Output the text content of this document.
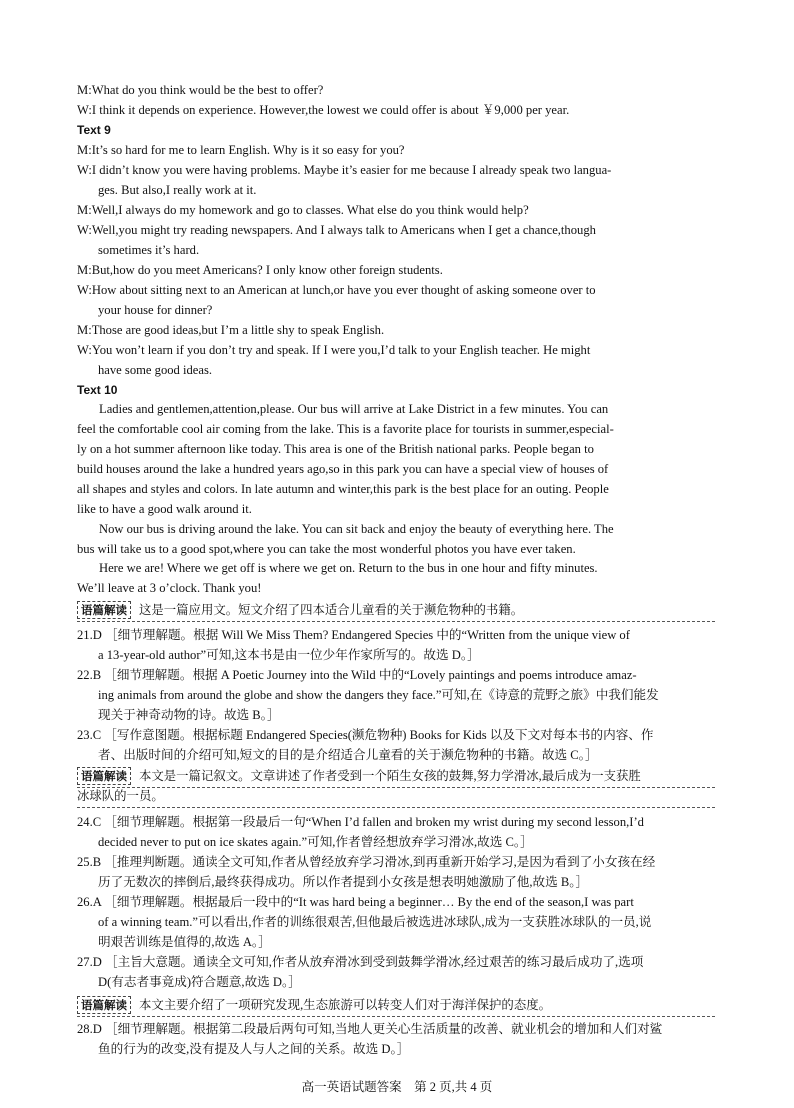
M:What do you think would be the best to offer?
W:I think it depends on experience. However,the lowest we could offer is about ￥9,000 per year.
Text 9
M:It’s so hard for me to learn English. Why is it so easy for you?
W:I didn’t know you were having problems. Maybe it’s easier for me because I already speak two langua-
ges. But also,I really work at it.
M:Well,I always do my homework and go to classes. What else do you think would help?
W:Well,you might try reading newspapers. And I always talk to Americans when I get a chance,though
sometimes it’s hard.
M:But,how do you meet Americans? I only know other foreign students.
W:How about sitting next to an American at lunch,or have you ever thought of asking someone over to
your house for dinner?
M:Those are good ideas,but I’m a little shy to speak English.
W:You won’t learn if you don’t try and speak. If I were you,I’d talk to your English teacher. He might
have some good ideas.
Text 10
Ladies and gentlemen,attention,please. Our bus will arrive at Lake District in a few minutes. You can
feel the comfortable cool air coming from the lake. This is a favorite place for tourists in summer,especial-
ly on a hot summer afternoon like today. This area is one of the British national parks. People began to
build houses around the lake a hundred years ago,so in this park you can have a special view of houses of
all shapes and styles and colors. In late autumn and winter,this park is the best place for an outing. People
like to have a good walk around it.
Now our bus is driving around the lake. You can sit back and enjoy the beauty of everything here. The
bus will take us to a good spot,where you can take the most wonderful photos you have ever taken.
Here we are! Where we get off is where we get on. Return to the bus in one hour and fifty minutes.
We’ll leave at 3 o’clock. Thank you!
21.D ［细节理解题。根据 Will We Miss Them? Endangered Species 中的“Written from the unique view of
a 13-year-old author”可知,这本书是由一位少年作家所写的。故选 D。］
22.B ［细节理解题。根据 A Poetic Journey into the Wild 中的“Lovely paintings and poems introduce amaz-
ing animals from around the globe and show the dangers they face.”可知,在《诗意的荒野之旅》中我们能发
现关于神奇动物的诗。故选 B。］
23.C ［写作意图题。根据标题 Endangered Species(濒危物种) Books for Kids 以及下文对每本书的内容、作
者、出版时间的介绍可知,短文的目的是介绍适合儿童看的关于濒危物种的书籍。故选 C。］
24.C ［细节理解题。根据第一段最后一句“When I’d fallen and broken my wrist during my second lesson,I’d
decided never to put on ice skates again.”可知,作者曾经想放弃学习滑冰,故选 C。］
25.B ［推理判断题。通读全文可知,作者从曾经放弃学习滑冰,到再重新开始学习,是因为看到了小女孩在经
历了无数次的摔倒后,最终获得成功。所以作者提到小女孩是想表明她激励了他,故选 B。］
26.A ［细节理解题。根据最后一段中的“It was hard being a beginner… By the end of the season,I was part
of a winning team.”可以看出,作者的训练很艰苦,但他最后被选进冰球队,成为一支获胜冰球队的一员,说
明艰苦训练是值得的,故选 A。］
27.D ［主旨大意题。通读全文可知,作者从放弃滑冰到受到鼓舞学滑冰,经过艰苦的练习最后成功了,选项
D(有志者事竟成)符合题意,故选 D。］
28.D ［细节理解题。根据第二段最后两句可知,当地人更关心生活质量的改善、就业机会的增加和人们对鲨
鱼的行为的改变,没有提及人与人之间的关系。故选 D。］
语篇解读 这是一篇应用文。短文介绍了四本适合儿童看的关于濒危物种的书籍。
语篇解读 本文是一篇记叙文。文章讲述了作者受到一个陌生女孩的鼓舞,努力学滑冰,最后成为一支获胜
冰球队的一员。
语篇解读 本文主要介绍了一项研究发现,生态旅游可以转变人们对于海洋保护的态度。
高一英语试题答案　第 2 页,共 4 页
